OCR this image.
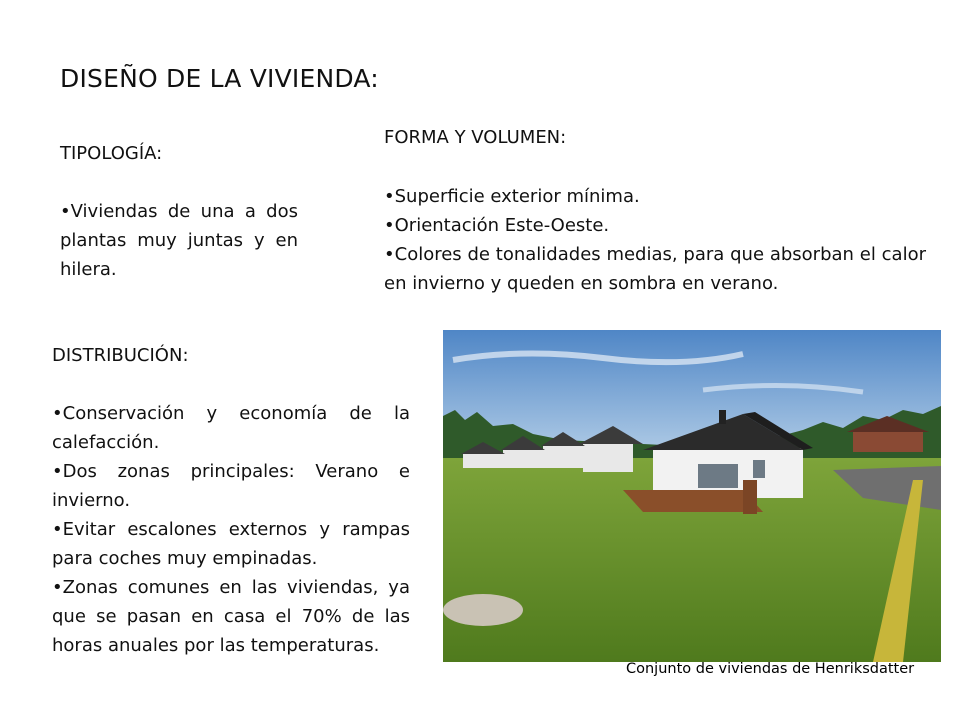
DISEÑO DE LA VIVIENDA:
TIPOLOGÍA:

• Viviendas de una a dos plantas muy juntas y en hilera.

FORMA Y VOLUMEN:

• Superficie exterior mínima.

• Orientación Este-Oeste.

• Colores de tonalidades medias, para que absorban el calor en invierno y queden en sombra en verano.

DISTRIBUCIÓN:

• Conservación y economía de la calefacción.

• Dos zonas principales: Verano e invierno.

• Evitar escalones externos y rampas para coches muy empinadas.

• Zonas comunes en las viviendas, ya que se pasan en casa el 70% de las horas anuales por las temperaturas.

Conjunto de viviendas de Henriksdatter
